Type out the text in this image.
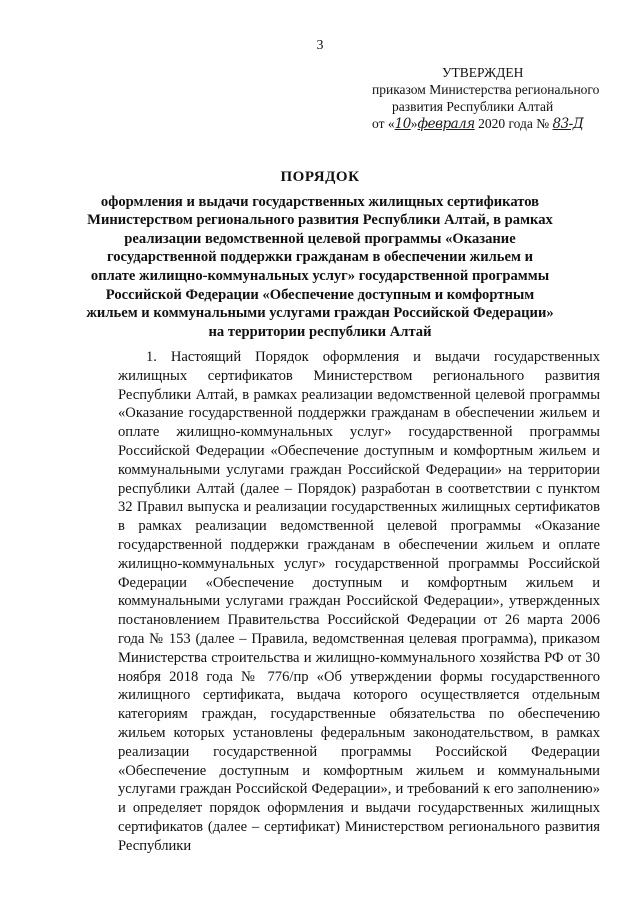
3
УТВЕРЖДЕН
приказом Министерства регионального
развития Республики Алтай
от «10»февраля 2020 года № 83-Д
ПОРЯДОК
оформления и выдачи государственных жилищных сертификатов
Министерством регионального развития Республики Алтай, в рамках
реализации ведомственной целевой программы «Оказание
государственной поддержки гражданам в обеспечении жильем и
оплате жилищно-коммунальных услуг» государственной программы
Российской Федерации «Обеспечение доступным и комфортным
жильем и коммунальными услугами граждан Российской Федерации»
на территории республики Алтай
1. Настоящий Порядок оформления и выдачи государственных жилищных сертификатов Министерством регионального развития Республики Алтай, в рамках реализации ведомственной целевой программы «Оказание государственной поддержки гражданам в обеспечении жильем и оплате жилищно-коммунальных услуг» государственной программы Российской Федерации «Обеспечение доступным и комфортным жильем и коммунальными услугами граждан Российской Федерации» на территории республики Алтай (далее – Порядок) разработан в соответствии с пунктом 32 Правил выпуска и реализации государственных жилищных сертификатов в рамках реализации ведомственной целевой программы «Оказание государственной поддержки гражданам в обеспечении жильем и оплате жилищно-коммунальных услуг» государственной программы Российской Федерации «Обеспечение доступным и комфортным жильем и коммунальными услугами граждан Российской Федерации», утвержденных постановлением Правительства Российской Федерации от 26 марта 2006 года № 153 (далее – Правила, ведомственная целевая программа), приказом Министерства строительства и жилищно-коммунального хозяйства РФ от 30 ноября 2018 года № 776/пр «Об утверждении формы государственного жилищного сертификата, выдача которого осуществляется отдельным категориям граждан, государственные обязательства по обеспечению жильем которых установлены федеральным законодательством, в рамках реализации государственной программы Российской Федерации «Обеспечение доступным и комфортным жильем и коммунальными услугами граждан Российской Федерации», и требований к его заполнению» и определяет порядок оформления и выдачи государственных жилищных сертификатов (далее – сертификат) Министерством регионального развития Республики
